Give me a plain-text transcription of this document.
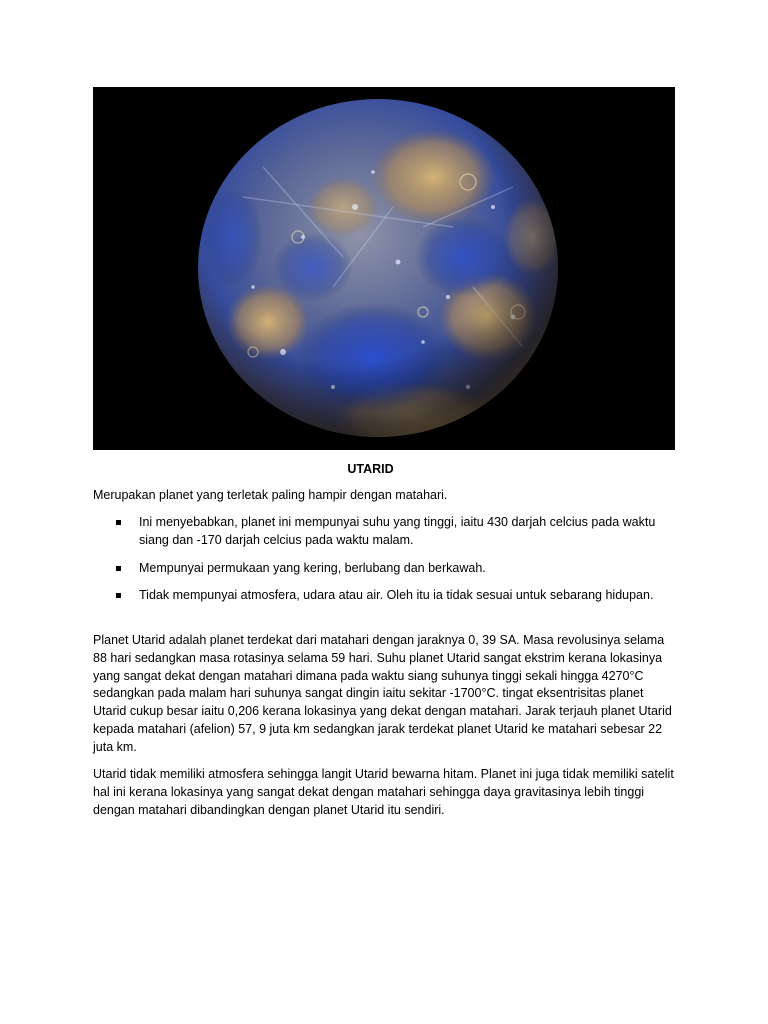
UTARID

Merupakan planet yang terletak paling hampir dengan matahari.

Ini menyebabkan, planet ini mempunyai suhu yang tinggi, iaitu 430 darjah celcius pada waktu siang dan -170 darjah celcius pada waktu malam.
Mempunyai permukaan yang kering, berlubang dan berkawah.
Tidak mempunyai atmosfera, udara atau air. Oleh itu ia tidak sesuai untuk sebarang hidupan.

Planet Utarid adalah planet terdekat dari matahari dengan jaraknya 0, 39 SA. Masa revolusinya selama 88 hari sedangkan masa rotasinya selama 59 hari. Suhu planet Utarid sangat ekstrim kerana lokasinya yang sangat dekat dengan matahari dimana pada waktu siang suhunya tinggi sekali hingga 4270°C sedangkan pada malam hari suhunya sangat dingin iaitu sekitar -1700°C. tingat eksentrisitas planet Utarid cukup besar iaitu 0,206 kerana lokasinya yang dekat dengan matahari. Jarak terjauh planet Utarid kepada matahari (afelion) 57, 9 juta km sedangkan jarak terdekat planet Utarid ke matahari sebesar 22 juta km.

Utarid tidak memiliki atmosfera sehingga langit Utarid bewarna hitam. Planet ini juga tidak memiliki satelit hal ini kerana lokasinya yang sangat dekat dengan matahari sehingga daya gravitasinya lebih tinggi dengan matahari dibandingkan dengan planet Utarid itu sendiri.
